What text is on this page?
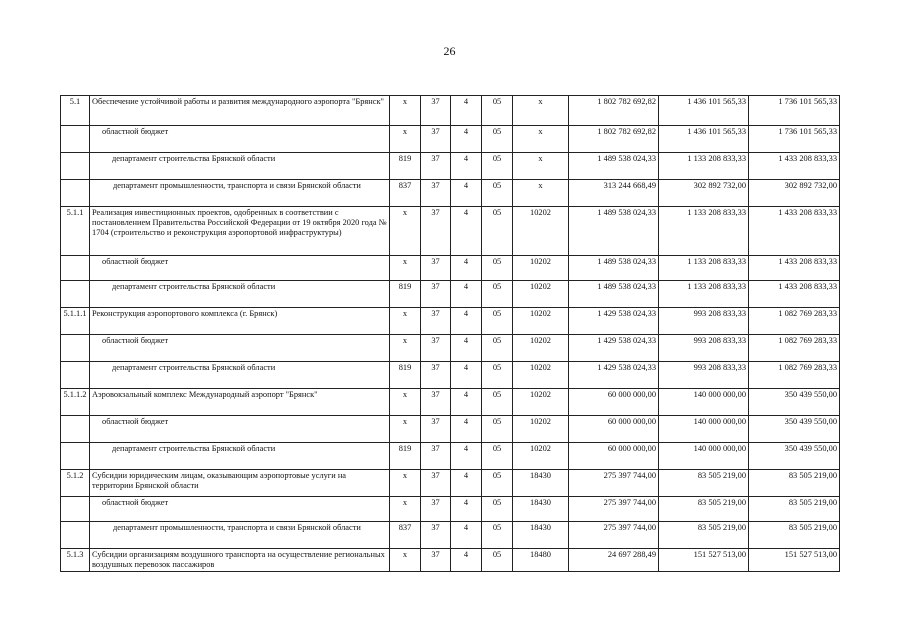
26
5.1	Обеспечение устойчивой работы и развития международного аэропорта "Брянск"	x	37	4	05	x	1 802 782 692,82	1 436 101 565,33	1 736 101 565,33
	областной бюджет	x	37	4	05	x	1 802 782 692,82	1 436 101 565,33	1 736 101 565,33
	департамент строительства Брянской области	819	37	4	05	x	1 489 538 024,33	1 133 208 833,33	1 433 208 833,33
	департамент промышленности, транспорта и связи Брянской области	837	37	4	05	x	313 244 668,49	302 892 732,00	302 892 732,00
5.1.1	Реализация инвестиционных проектов, одобренных в соответствии с постановлением Правительства Российской Федерации от 19 октября 2020 года № 1704 (строительство и реконструкция аэропортовой инфраструктуры)	x	37	4	05	10202	1 489 538 024,33	1 133 208 833,33	1 433 208 833,33
	областной бюджет	x	37	4	05	10202	1 489 538 024,33	1 133 208 833,33	1 433 208 833,33
	департамент строительства Брянской области	819	37	4	05	10202	1 489 538 024,33	1 133 208 833,33	1 433 208 833,33
5.1.1.1	Реконструкция аэропортового комплекса (г. Брянск)	x	37	4	05	10202	1 429 538 024,33	993 208 833,33	1 082 769 283,33
	областной бюджет	x	37	4	05	10202	1 429 538 024,33	993 208 833,33	1 082 769 283,33
	департамент строительства Брянской области	819	37	4	05	10202	1 429 538 024,33	993 208 833,33	1 082 769 283,33
5.1.1.2	Аэровокзальный комплекс Международный аэропорт "Брянск"	x	37	4	05	10202	60 000 000,00	140 000 000,00	350 439 550,00
	областной бюджет	x	37	4	05	10202	60 000 000,00	140 000 000,00	350 439 550,00
	департамент строительства Брянской области	819	37	4	05	10202	60 000 000,00	140 000 000,00	350 439 550,00
5.1.2	Субсидии юридическим лицам, оказывающим аэропортовые услуги на территории Брянской области	x	37	4	05	18430	275 397 744,00	83 505 219,00	83 505 219,00
	областной бюджет	x	37	4	05	18430	275 397 744,00	83 505 219,00	83 505 219,00
	департамент промышленности, транспорта и связи Брянской области	837	37	4	05	18430	275 397 744,00	83 505 219,00	83 505 219,00
5.1.3	Субсидии организациям воздушного транспорта на осуществление региональных воздушных перевозок пассажиров	x	37	4	05	18480	24 697 288,49	151 527 513,00	151 527 513,00
